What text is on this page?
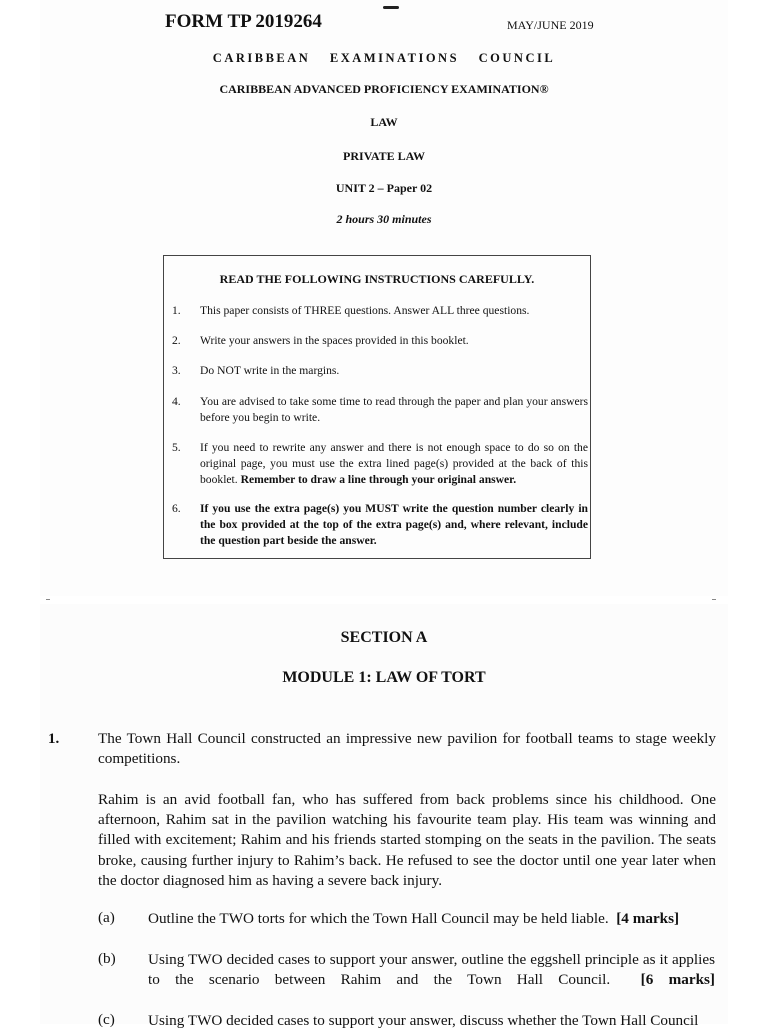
FORM TP 2019264	MAY/JUNE 2019
CARIBBEAN EXAMINATIONS COUNCIL
CARIBBEAN ADVANCED PROFICIENCY EXAMINATION®
LAW
PRIVATE LAW
UNIT 2 – Paper 02
2 hours 30 minutes
READ THE FOLLOWING INSTRUCTIONS CAREFULLY.
1.	This paper consists of THREE questions. Answer ALL three questions.
2.	Write your answers in the spaces provided in this booklet.
3.	Do NOT write in the margins.
4.	You are advised to take some time to read through the paper and plan your answers before you begin to write.
5.	If you need to rewrite any answer and there is not enough space to do so on the original page, you must use the extra lined page(s) provided at the back of this booklet. Remember to draw a line through your original answer.
6.	If you use the extra page(s) you MUST write the question number clearly in the box provided at the top of the extra page(s) and, where relevant, include the question part beside the answer.
SECTION A
MODULE 1: LAW OF TORT
1.	The Town Hall Council constructed an impressive new pavilion for football teams to stage weekly competitions.
Rahim is an avid football fan, who has suffered from back problems since his childhood. One afternoon, Rahim sat in the pavilion watching his favourite team play. His team was winning and filled with excitement; Rahim and his friends started stomping on the seats in the pavilion. The seats broke, causing further injury to Rahim’s back. He refused to see the doctor until one year later when the doctor diagnosed him as having a severe back injury.
(a) Outline the TWO torts for which the Town Hall Council may be held liable. [4 marks]
(b) Using TWO decided cases to support your answer, outline the eggshell principle as it applies to the scenario between Rahim and the Town Hall Council. [6 marks]
(c) Using TWO decided cases to support your answer, discuss whether the Town Hall Council
